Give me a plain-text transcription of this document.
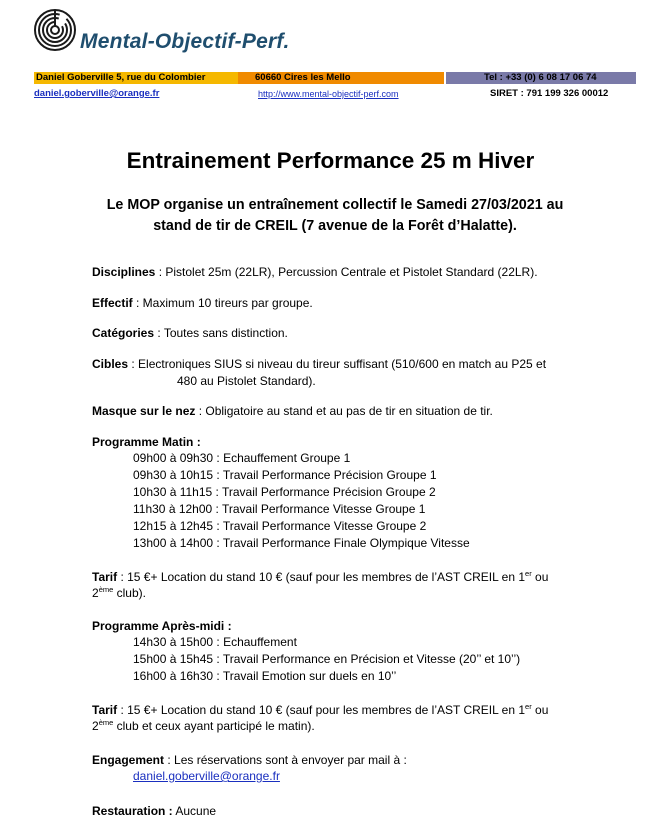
Mental-Objectif-Perf.
Daniel Goberville 5, rue du Colombier	60660 Cires les Mello	Tel : +33 (0) 6 08 17 06 74
daniel.goberville@orange.fr	http://www.mental-objectif-perf.com	SIRET : 791 199 326 00012
Entrainement Performance 25 m Hiver
Le MOP organise un entraînement collectif le Samedi 27/03/2021 au
stand de tir de CREIL (7 avenue de la Forêt d’Halatte).
Disciplines : Pistolet 25m (22LR), Percussion Centrale et Pistolet Standard (22LR).
Effectif : Maximum 10 tireurs par groupe.
Catégories : Toutes sans distinction.
Cibles : Electroniques SIUS si niveau du tireur suffisant (510/600 en match au P25 et
480 au Pistolet Standard).
Masque sur le nez : Obligatoire au stand et au pas de tir en situation de tir.
Programme Matin :
09h00 à 09h30 : Echauffement Groupe 1
09h30 à 10h15 : Travail Performance Précision Groupe 1
10h30 à 11h15 : Travail Performance Précision Groupe 2
11h30 à 12h00 : Travail Performance Vitesse Groupe 1
12h15 à 12h45 : Travail Performance Vitesse Groupe 2
13h00 à 14h00 : Travail Performance Finale Olympique Vitesse
Tarif : 15 €+ Location du stand 10 € (sauf pour les membres de l’AST CREIL en 1er ou
2ème club).
Programme Après-midi :
14h30 à 15h00 : Echauffement
15h00 à 15h45 : Travail Performance en Précision et Vitesse (20’’ et 10’’)
16h00 à 16h30 : Travail Emotion sur duels en 10’’
Tarif : 15 €+ Location du stand 10 € (sauf pour les membres de l’AST CREIL en 1er ou
2ème club et ceux ayant participé le matin).
Engagement : Les réservations sont à envoyer par mail à :
daniel.goberville@orange.fr
Restauration : Aucune
